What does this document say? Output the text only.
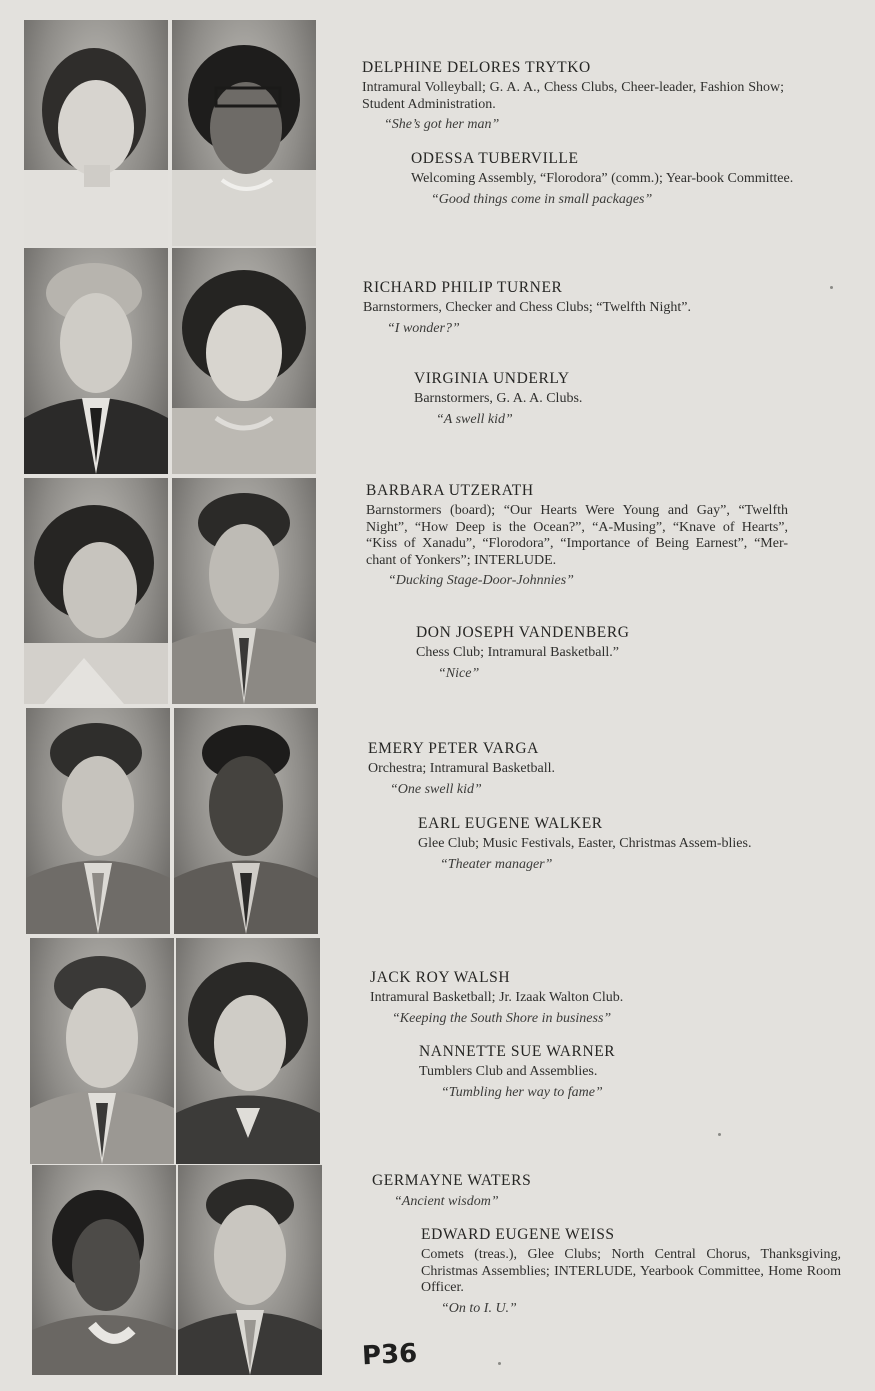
DELPHINE DELORES TRYTKO
Intramural Volleyball; G. A. A., Chess Clubs, Cheer-leader, Fashion Show; Student Administration.
“She’s got her man”
ODESSA TUBERVILLE
Welcoming Assembly, “Florodora” (comm.); Year-book Committee.
“Good things come in small packages”
RICHARD PHILIP TURNER
Barnstormers, Checker and Chess Clubs; “Twelfth Night”.
“I wonder?”
VIRGINIA UNDERLY
Barnstormers, G. A. A. Clubs.
“A swell kid”
BARBARA UTZERATH
Barnstormers (board); “Our Hearts Were Young and Gay”, “Twelfth Night”, “How Deep is the Ocean?”, “A-Musing”, “Knave of Hearts”, “Kiss of Xanadu”, “Florodora”, “Importance of Being Earnest”, “Mer-chant of Yonkers”; INTERLUDE.
“Ducking Stage-Door-Johnnies”
DON JOSEPH VANDENBERG
Chess Club; Intramural Basketball.”
“Nice”
EMERY PETER VARGA
Orchestra; Intramural Basketball.
“One swell kid”
EARL EUGENE WALKER
Glee Club; Music Festivals, Easter, Christmas Assem-blies.
“Theater manager”
JACK ROY WALSH
Intramural Basketball; Jr. Izaak Walton Club.
“Keeping the South Shore in business”
NANNETTE SUE WARNER
Tumblers Club and Assemblies.
“Tumbling her way to fame”
GERMAYNE WATERS
“Ancient wisdom”
EDWARD EUGENE WEISS
Comets (treas.), Glee Clubs; North Central Chorus, Thanksgiving, Christmas Assemblies; INTERLUDE, Yearbook Committee, Home Room Officer.
“On to I. U.”
P36
